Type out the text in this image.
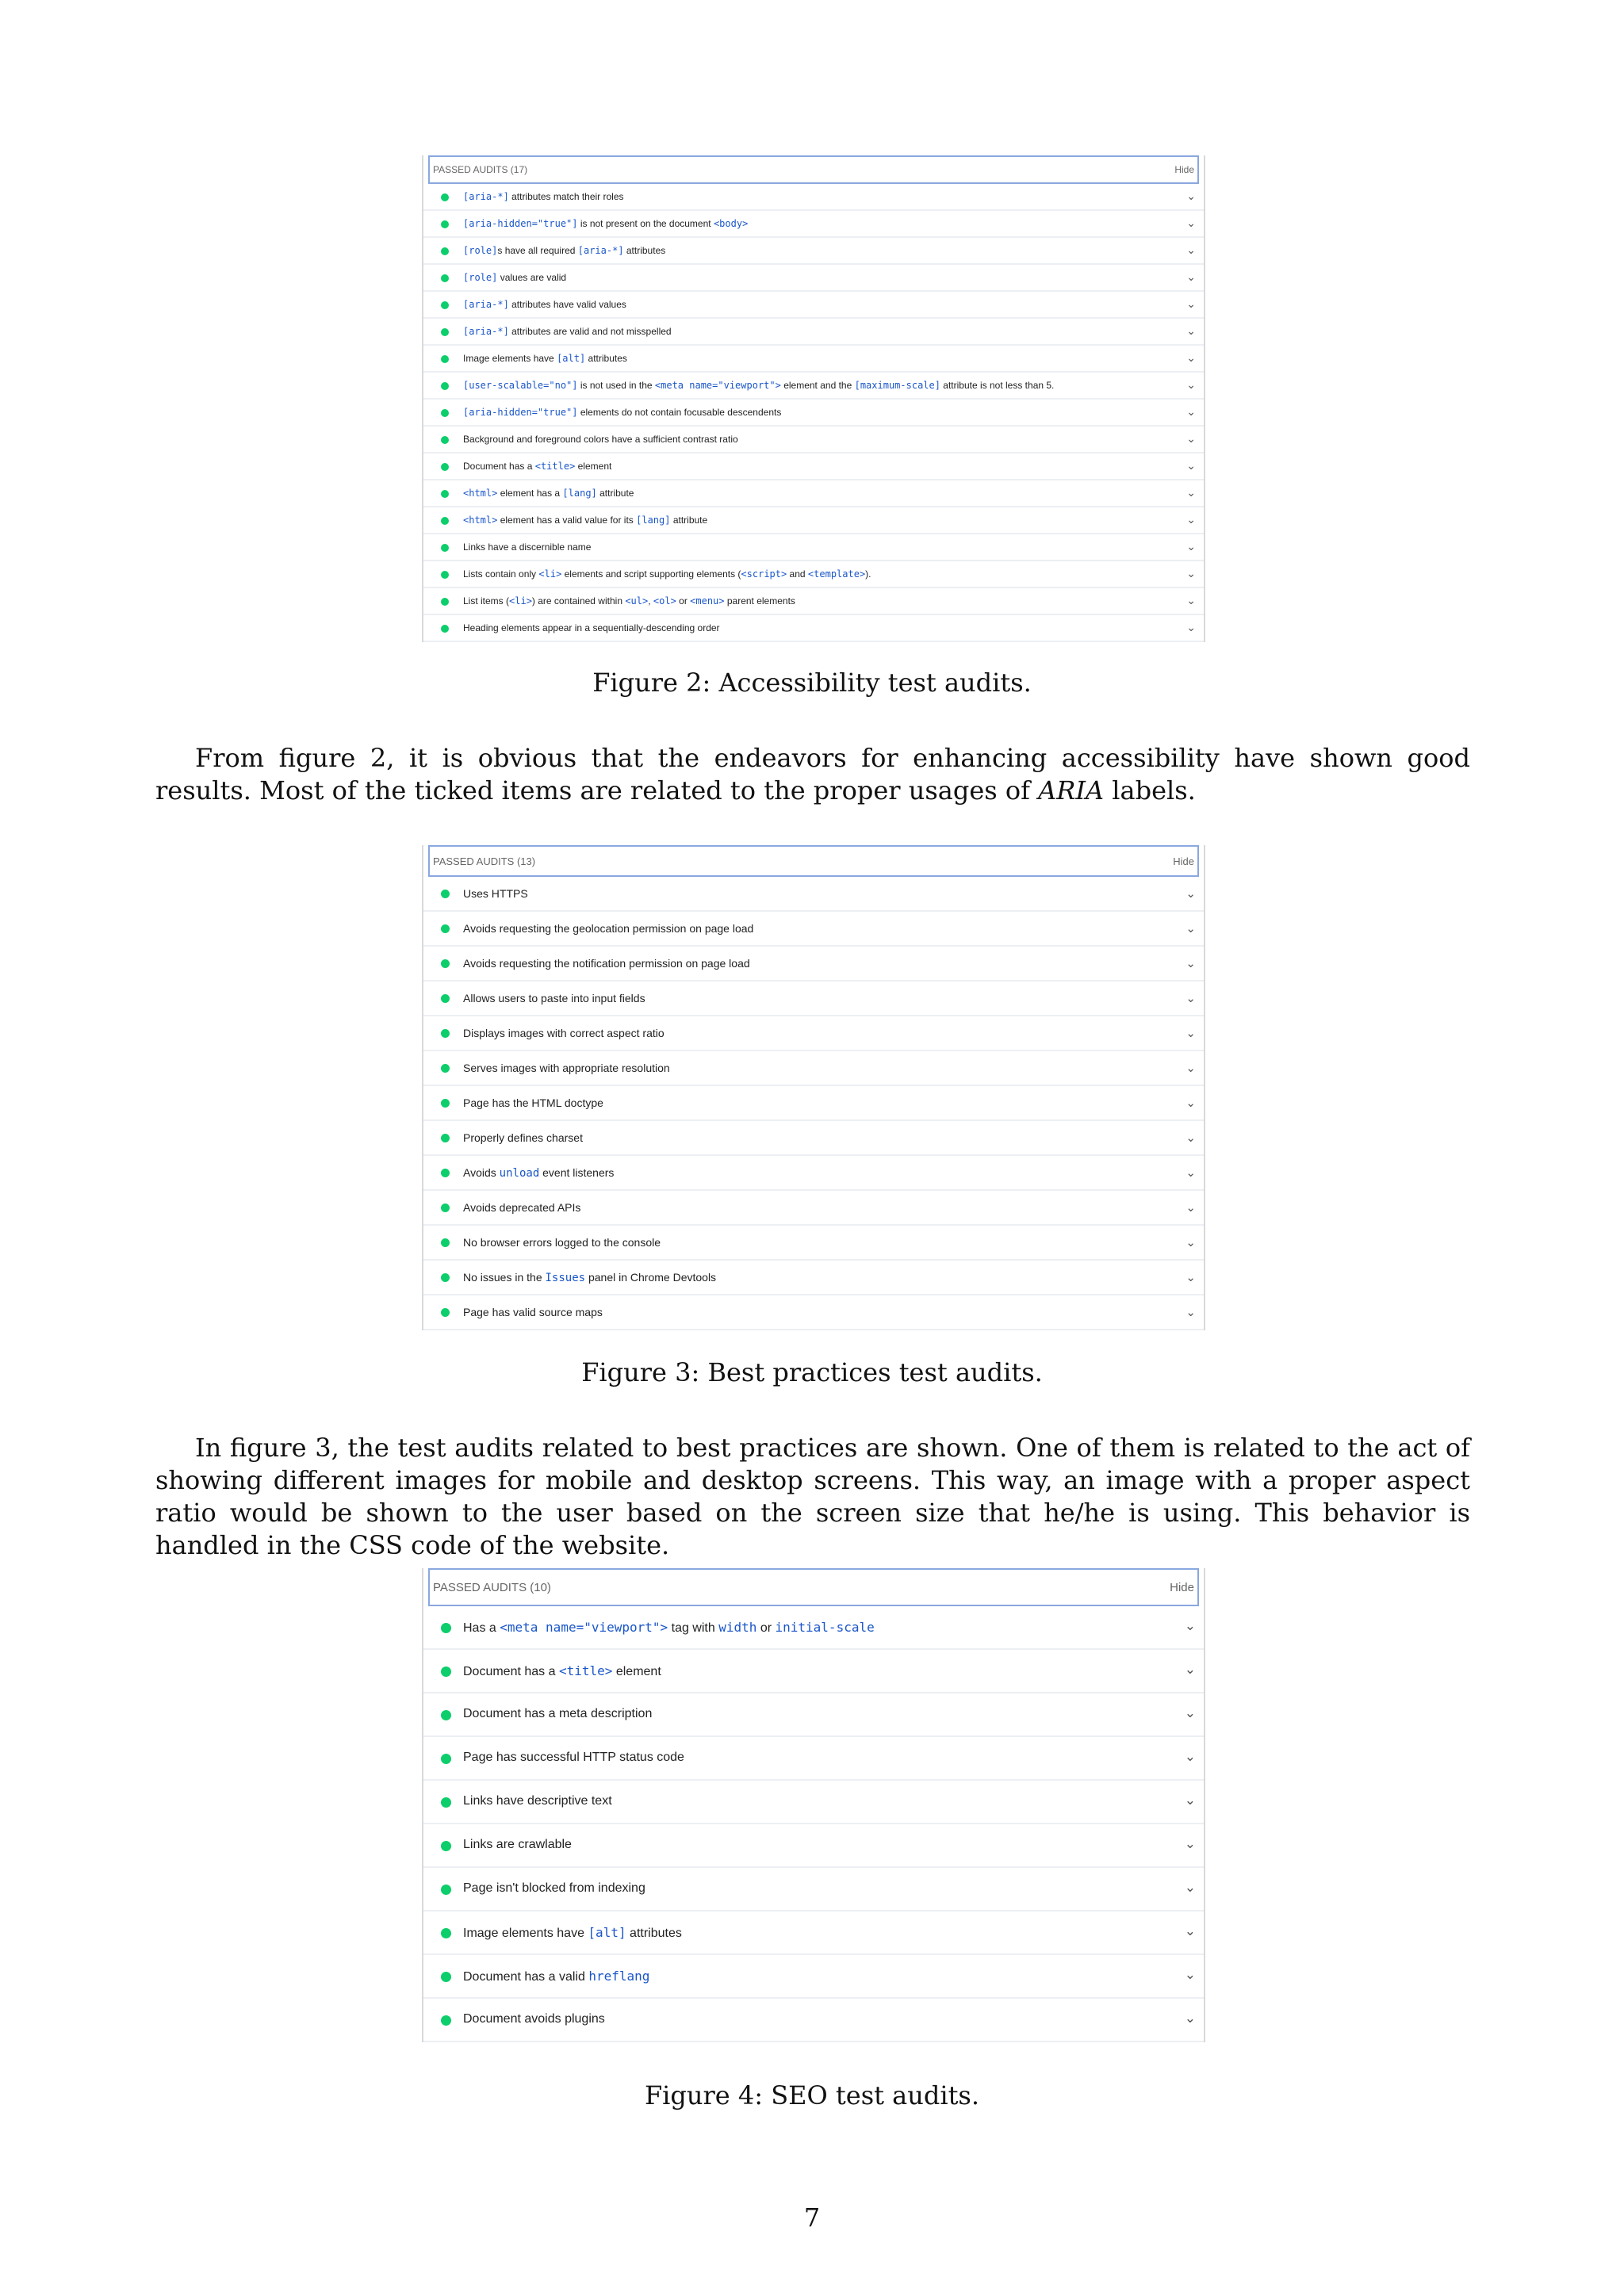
PASSED AUDITS (17)	Hide
[aria-*] attributes match their roles	⌄
[aria-hidden="true"] is not present on the document <body>	⌄
[role]s have all required [aria-*] attributes	⌄
[role] values are valid	⌄
[aria-*] attributes have valid values	⌄
[aria-*] attributes are valid and not misspelled	⌄
Image elements have [alt] attributes	⌄
[user-scalable="no"] is not used in the <meta name="viewport"> element and the [maximum-scale] attribute is not less than 5.	⌄
[aria-hidden="true"] elements do not contain focusable descendents	⌄
Background and foreground colors have a sufficient contrast ratio	⌄
Document has a <title> element	⌄
<html> element has a [lang] attribute	⌄
<html> element has a valid value for its [lang] attribute	⌄
Links have a discernible name	⌄
Lists contain only <li> elements and script supporting elements (<script> and <template>).	⌄
List items (<li>) are contained within <ul>, <ol> or <menu> parent elements	⌄
Heading elements appear in a sequentially-descending order	⌄
Figure 2: Accessibility test audits.

From figure 2, it is obvious that the endeavors for enhancing accessibility have shown good results. Most of the ticked items are related to the proper usages of ARIA labels.

PASSED AUDITS (13)	Hide
Uses HTTPS	⌄
Avoids requesting the geolocation permission on page load	⌄
Avoids requesting the notification permission on page load	⌄
Allows users to paste into input fields	⌄
Displays images with correct aspect ratio	⌄
Serves images with appropriate resolution	⌄
Page has the HTML doctype	⌄
Properly defines charset	⌄
Avoids unload event listeners	⌄
Avoids deprecated APIs	⌄
No browser errors logged to the console	⌄
No issues in the Issues panel in Chrome Devtools	⌄
Page has valid source maps	⌄
Figure 3: Best practices test audits.

In figure 3, the test audits related to best practices are shown. One of them is related to the act of showing different images for mobile and desktop screens. This way, an image with a proper aspect ratio would be shown to the user based on the screen size that he/he is using. This behavior is handled in the CSS code of the website.

PASSED AUDITS (10)	Hide
Has a <meta name="viewport"> tag with width or initial-scale	⌄
Document has a <title> element	⌄
Document has a meta description	⌄
Page has successful HTTP status code	⌄
Links have descriptive text	⌄
Links are crawlable	⌄
Page isn't blocked from indexing	⌄
Image elements have [alt] attributes	⌄
Document has a valid hreflang	⌄
Document avoids plugins	⌄
Figure 4: SEO test audits.
7
